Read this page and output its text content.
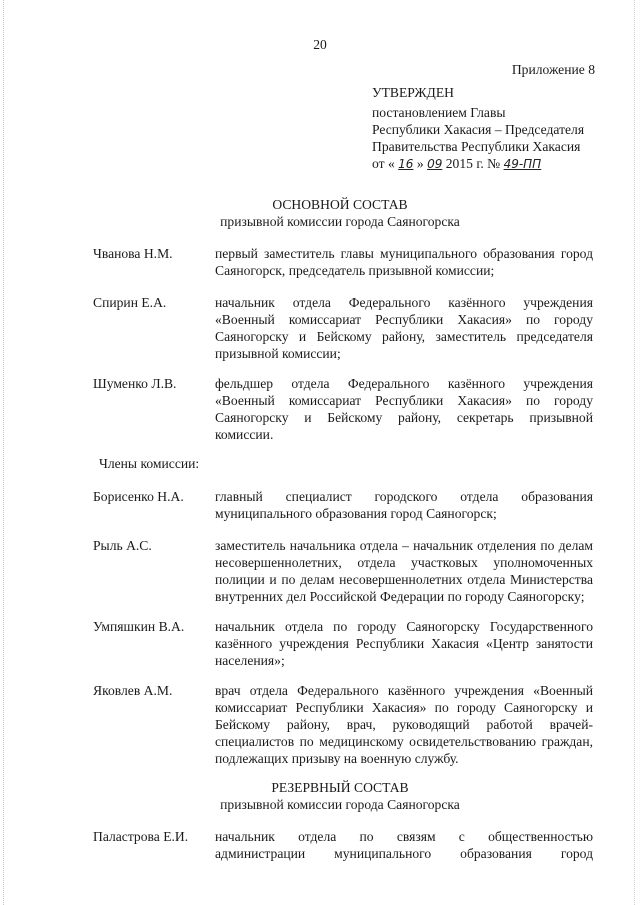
20
Приложение 8
УТВЕРЖДЕН
постановлением Главы
Республики Хакасия – Председателя
Правительства Республики Хакасия
от « 16 » 09 2015 г. № 49-ПП
ОСНОВНОЙ СОСТАВ
призывной комиссии города Саяногорска
Чванова Н.М.	первый заместитель главы муниципального образования город
Саяногорск, председатель призывной комиссии;
Спирин Е.А.	начальник отдела Федерального казённого учреждения
«Военный комиссариат Республики Хакасия» по городу
Саяногорску и Бейскому району, заместитель председателя
призывной комиссии;
Шуменко Л.В.	фельдшер отдела Федерального казённого учреждения
«Военный комиссариат Республики Хакасия» по городу
Саяногорску и Бейскому району, секретарь призывной
комиссии.
Члены комиссии:
Борисенко Н.А. главный специалист городского отдела образования
муниципального образования город Саяногорск;
Рыль А.С.	заместитель начальника отдела – начальник отделения по делам
несовершеннолетних, отдела участковых уполномоченных
полиции и по делам несовершеннолетних отдела Министерства
внутренних дел Российской Федерации по городу Саяногорску;
Умпяшкин В.А. начальник отдела по городу Саяногорску Государственного
казённого учреждения Республики Хакасия «Центр занятости
населения»;
Яковлев А.М.	врач отдела Федерального казённого учреждения «Военный
комиссариат Республики Хакасия» по городу Саяногорску и
Бейскому району, врач, руководящий работой врачей-
специалистов по медицинскому освидетельствованию граждан,
подлежащих призыву на военную службу.
РЕЗЕРВНЫЙ СОСТАВ
призывной комиссии города Саяногорска
Паластрова Е.И. начальник отдела по связям с общественностью
администрации муниципального образования город
